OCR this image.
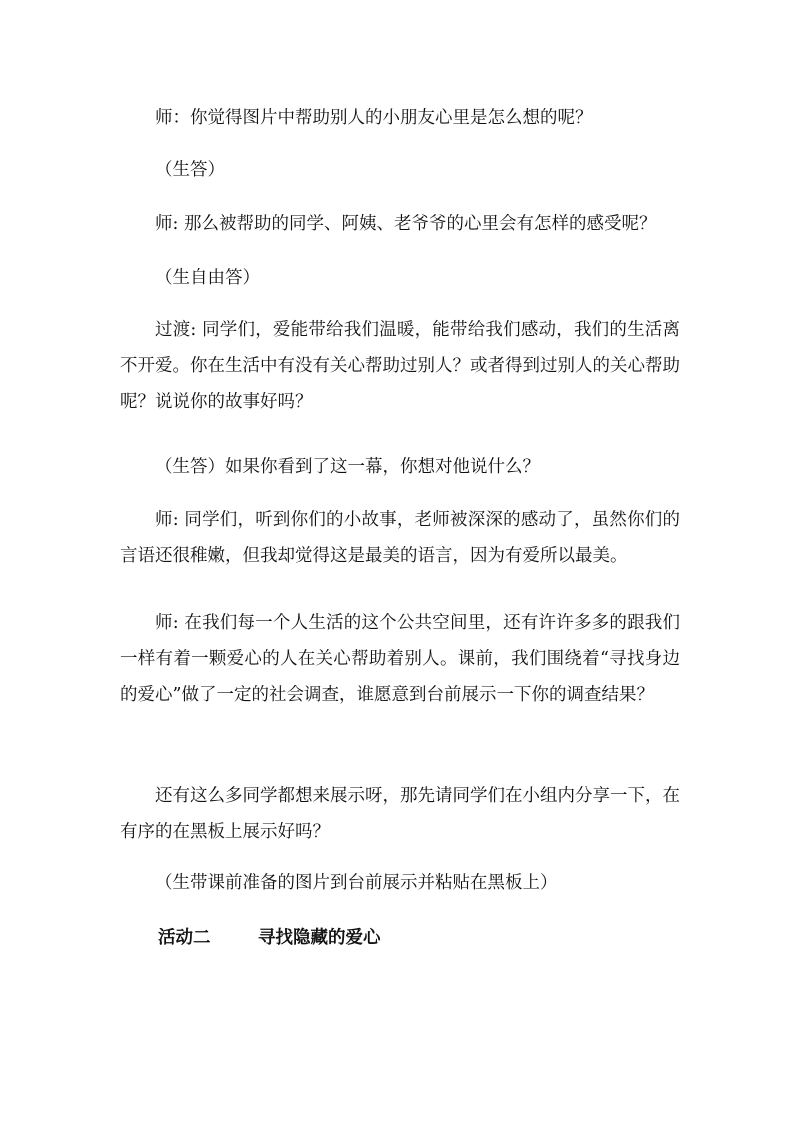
师：你觉得图片中帮助别人的小朋友心里是怎么想的呢？

（生答）

师: 那么被帮助的同学、阿姨、老爷爷的心里会有怎样的感受呢？

（生自由答）

过渡: 同学们，爱能带给我们温暖，能带给我们感动，我们的生活离不开爱。你在生活中有没有关心帮助过别人？或者得到过别人的关心帮助呢？说说你的故事好吗？

（生答）如果你看到了这一幕，你想对他说什么？

师: 同学们，听到你们的小故事，老师被深深的感动了，虽然你们的言语还很稚嫩，但我却觉得这是最美的语言，因为有爱所以最美。

师: 在我们每一个人生活的这个公共空间里，还有许许多多的跟我们一样有着一颗爱心的人在关心帮助着别人。课前，我们围绕着“寻找身边的爱心”做了一定的社会调查，谁愿意到台前展示一下你的调查结果？

还有这么多同学都想来展示呀，那先请同学们在小组内分享一下，在有序的在黑板上展示好吗？

（生带课前准备的图片到台前展示并粘贴在黑板上）

活动二	寻找隐藏的爱心
